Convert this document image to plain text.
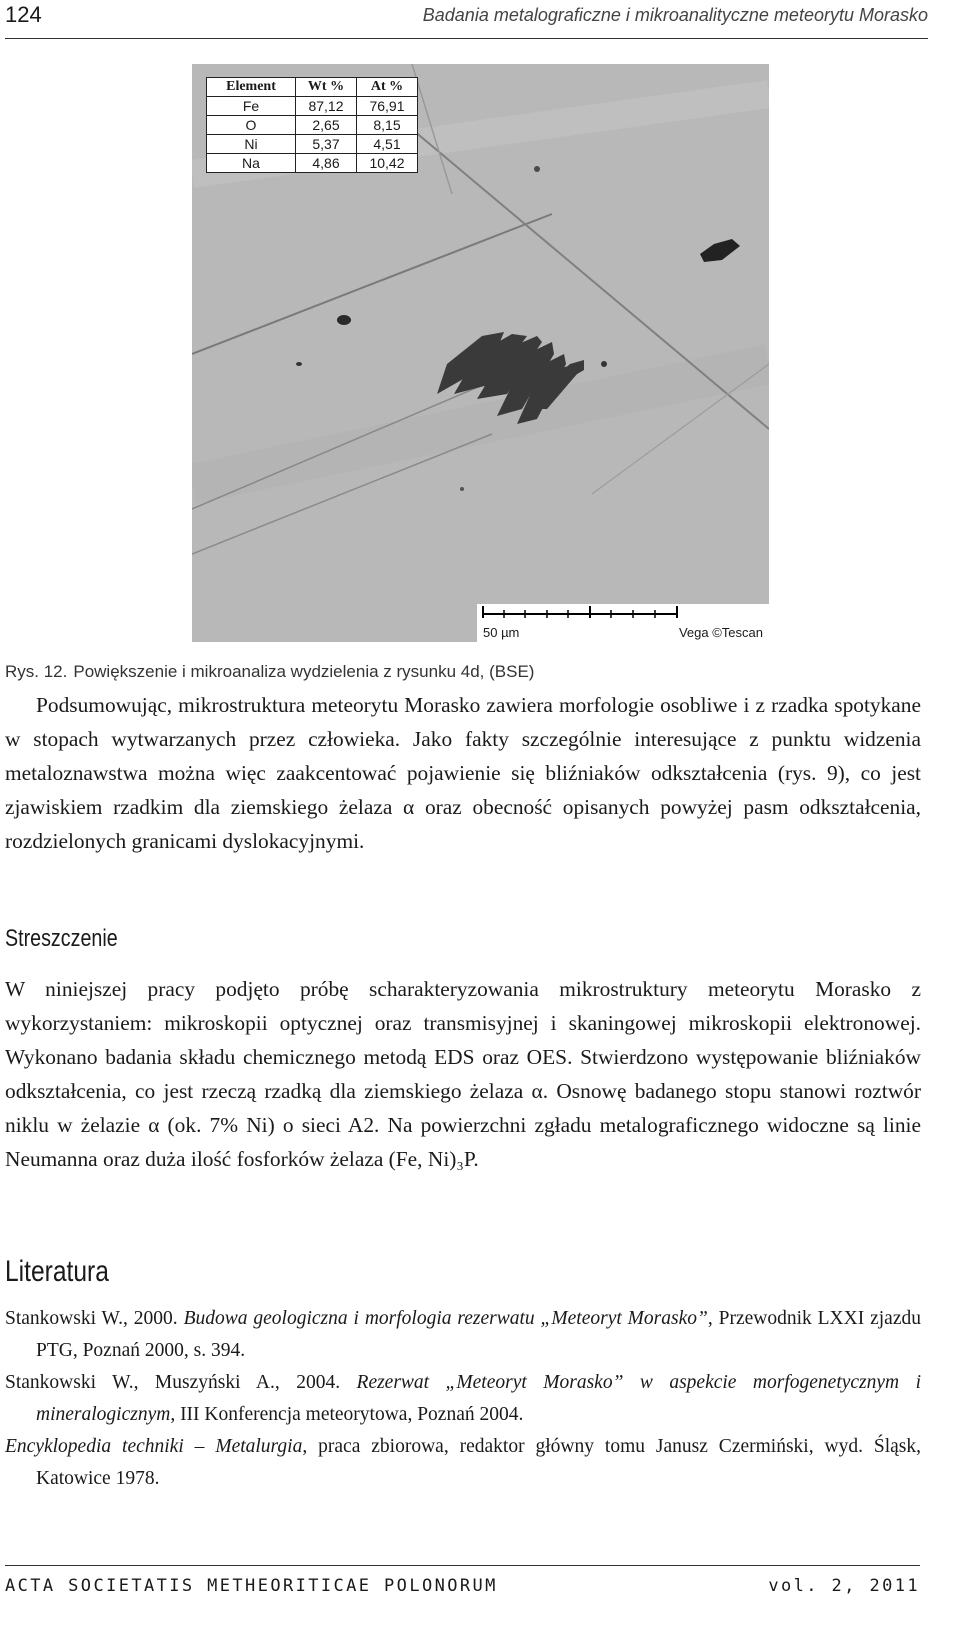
124	Badania metalograficzne i mikroanalityczne meteorytu Morasko
Element	Wt %	At %
Fe	87,12	76,91
O	2,65	8,15
Ni	5,37	4,51
Na	4,86	10,42
50 µm	Vega ©Tescan
Rys. 12. Powiększenie i mikroanaliza wydzielenia z rysunku 4d, (BSE)

Podsumowując, mikrostruktura meteorytu Morasko zawiera morfologie osobliwe i z rzadka spotykane w stopach wytwarzanych przez człowieka. Jako fakty szczególnie interesujące z punktu widzenia metaloznawstwa można więc zaakcentować pojawienie się bliźniaków odkształcenia (rys. 9), co jest zjawiskiem rzadkim dla ziemskiego żelaza α oraz obecność opisanych powyżej pasm odkształcenia, rozdzielonych granicami dyslokacyjnymi.

Streszczenie

W niniejszej pracy podjęto próbę scharakteryzowania mikrostruktury meteorytu Morasko z wykorzystaniem: mikroskopii optycznej oraz transmisyjnej i skaningowej mikroskopii elektronowej. Wykonano badania składu chemicznego metodą EDS oraz OES. Stwierdzono występowanie bliźniaków odkształcenia, co jest rzeczą rzadką dla ziemskiego żelaza α. Osnowę badanego stopu stanowi roztwór niklu w żelazie α (ok. 7% Ni) o sieci A2. Na powierzchni zgładu metalograficznego widoczne są linie Neumanna oraz duża ilość fosforków żelaza (Fe, Ni)₃P.

Literatura

Stankowski W., 2000. Budowa geologiczna i morfologia rezerwatu „Meteoryt Morasko”, Przewodnik LXXI zjazdu PTG, Poznań 2000, s. 394.

Stankowski W., Muszyński A., 2004. Rezerwat „Meteoryt Morasko” w aspekcie morfogenetycznym i mineralogicznym, III Konferencja meteorytowa, Poznań 2004.

Encyklopedia techniki – Metalurgia, praca zbiorowa, redaktor główny tomu Janusz Czermiński, wyd. Śląsk, Katowice 1978.

ACTA SOCIETATIS METHEORITICAE POLONORUM	vol. 2, 2011
